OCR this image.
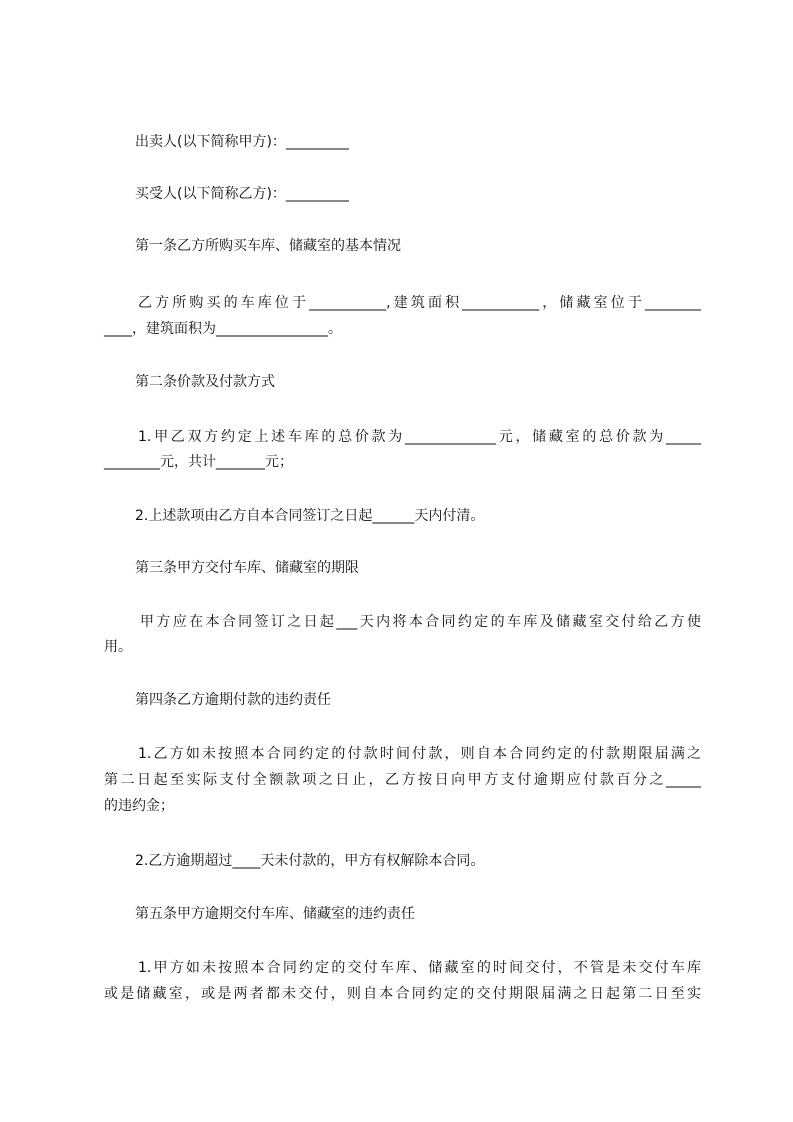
出卖人(以下简称甲方)：_________
买受人(以下简称乙方)：_________
第一条乙方所购买车库、储藏室的基本情况
乙方所购买的车库位于___________,建筑面积___________，储藏室位于________
____，建筑面积为________________。
第二条价款及付款方式
1.甲乙双方约定上述车库的总价款为_____________元，储藏室的总价款为_____
________元，共计_______元；
2.上述款项由乙方自本合同签订之日起______天内付清。
第三条甲方交付车库、储藏室的期限
甲方应在本合同签订之日起___天内将本合同约定的车库及储藏室交付给乙方使
用。
第四条乙方逾期付款的违约责任
1.乙方如未按照本合同约定的付款时间付款，则自本合同约定的付款期限届满之
第二日起至实际支付全额款项之日止，乙方按日向甲方支付逾期应付款百分之_____
的违约金；
2.乙方逾期超过____天未付款的，甲方有权解除本合同。
第五条甲方逾期交付车库、储藏室的违约责任
1.甲方如未按照本合同约定的交付车库、储藏室的时间交付，不管是未交付车库
或是储藏室，或是两者都未交付，则自本合同约定的交付期限届满之日起第二日至实
